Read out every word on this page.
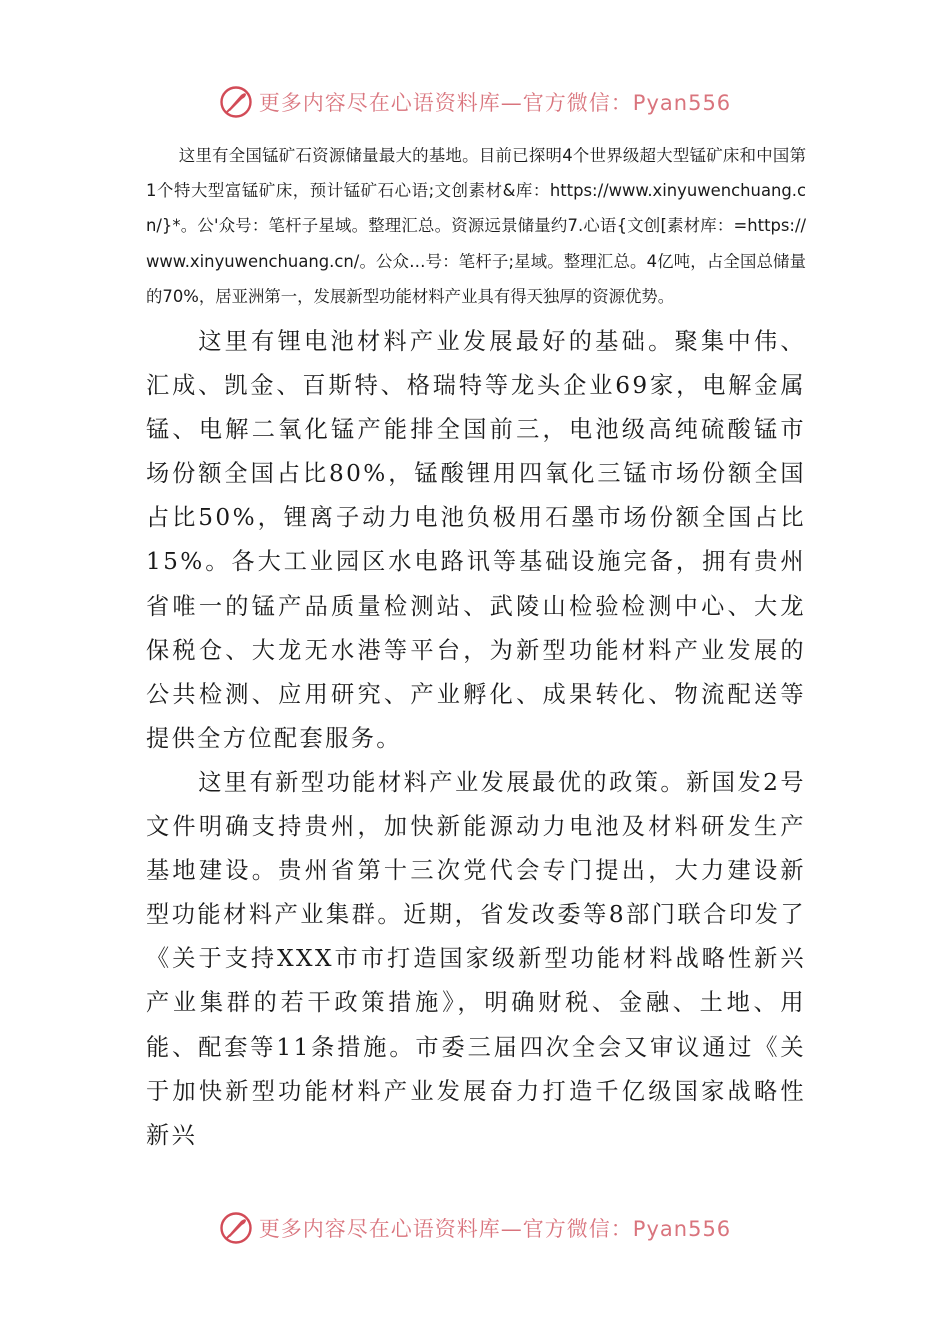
更多内容尽在心语资料库—官方微信：Pyan556

这里有全国锰矿石资源储量最大的基地。目前已探明4个世界级超大型锰矿床和中国第1个特大型富锰矿床，预计锰矿石心语;文创素材&库：https://www.xinyuwenchuang.cn/}*。公'众号：笔杆子星域。整理汇总。资源远景储量约7.心语{文创[素材库：=https://www.xinyuwenchuang.cn/。公众…号：笔杆子;星域。整理汇总。4亿吨，占全国总储量的70%，居亚洲第一，发展新型功能材料产业具有得天独厚的资源优势。

这里有锂电池材料产业发展最好的基础。聚集中伟、汇成、凯金、百斯特、格瑞特等龙头企业69家，电解金属锰、电解二氧化锰产能排全国前三，电池级高纯硫酸锰市场份额全国占比80%，锰酸锂用四氧化三锰市场份额全国占比50%，锂离子动力电池负极用石墨市场份额全国占比15%。各大工业园区水电路讯等基础设施完备，拥有贵州省唯一的锰产品质量检测站、武陵山检验检测中心、大龙保税仓、大龙无水港等平台，为新型功能材料产业发展的公共检测、应用研究、产业孵化、成果转化、物流配送等提供全方位配套服务。

这里有新型功能材料产业发展最优的政策。新国发2号文件明确支持贵州，加快新能源动力电池及材料研发生产基地建设。贵州省第十三次党代会专门提出，大力建设新型功能材料产业集群。近期，省发改委等8部门联合印发了《关于支持XXX市市打造国家级新型功能材料战略性新兴产业集群的若干政策措施》，明确财税、金融、土地、用能、配套等11条措施。市委三届四次全会又审议通过《关于加快新型功能材料产业发展奋力打造千亿级国家战略性新兴

更多内容尽在心语资料库—官方微信：Pyan556
